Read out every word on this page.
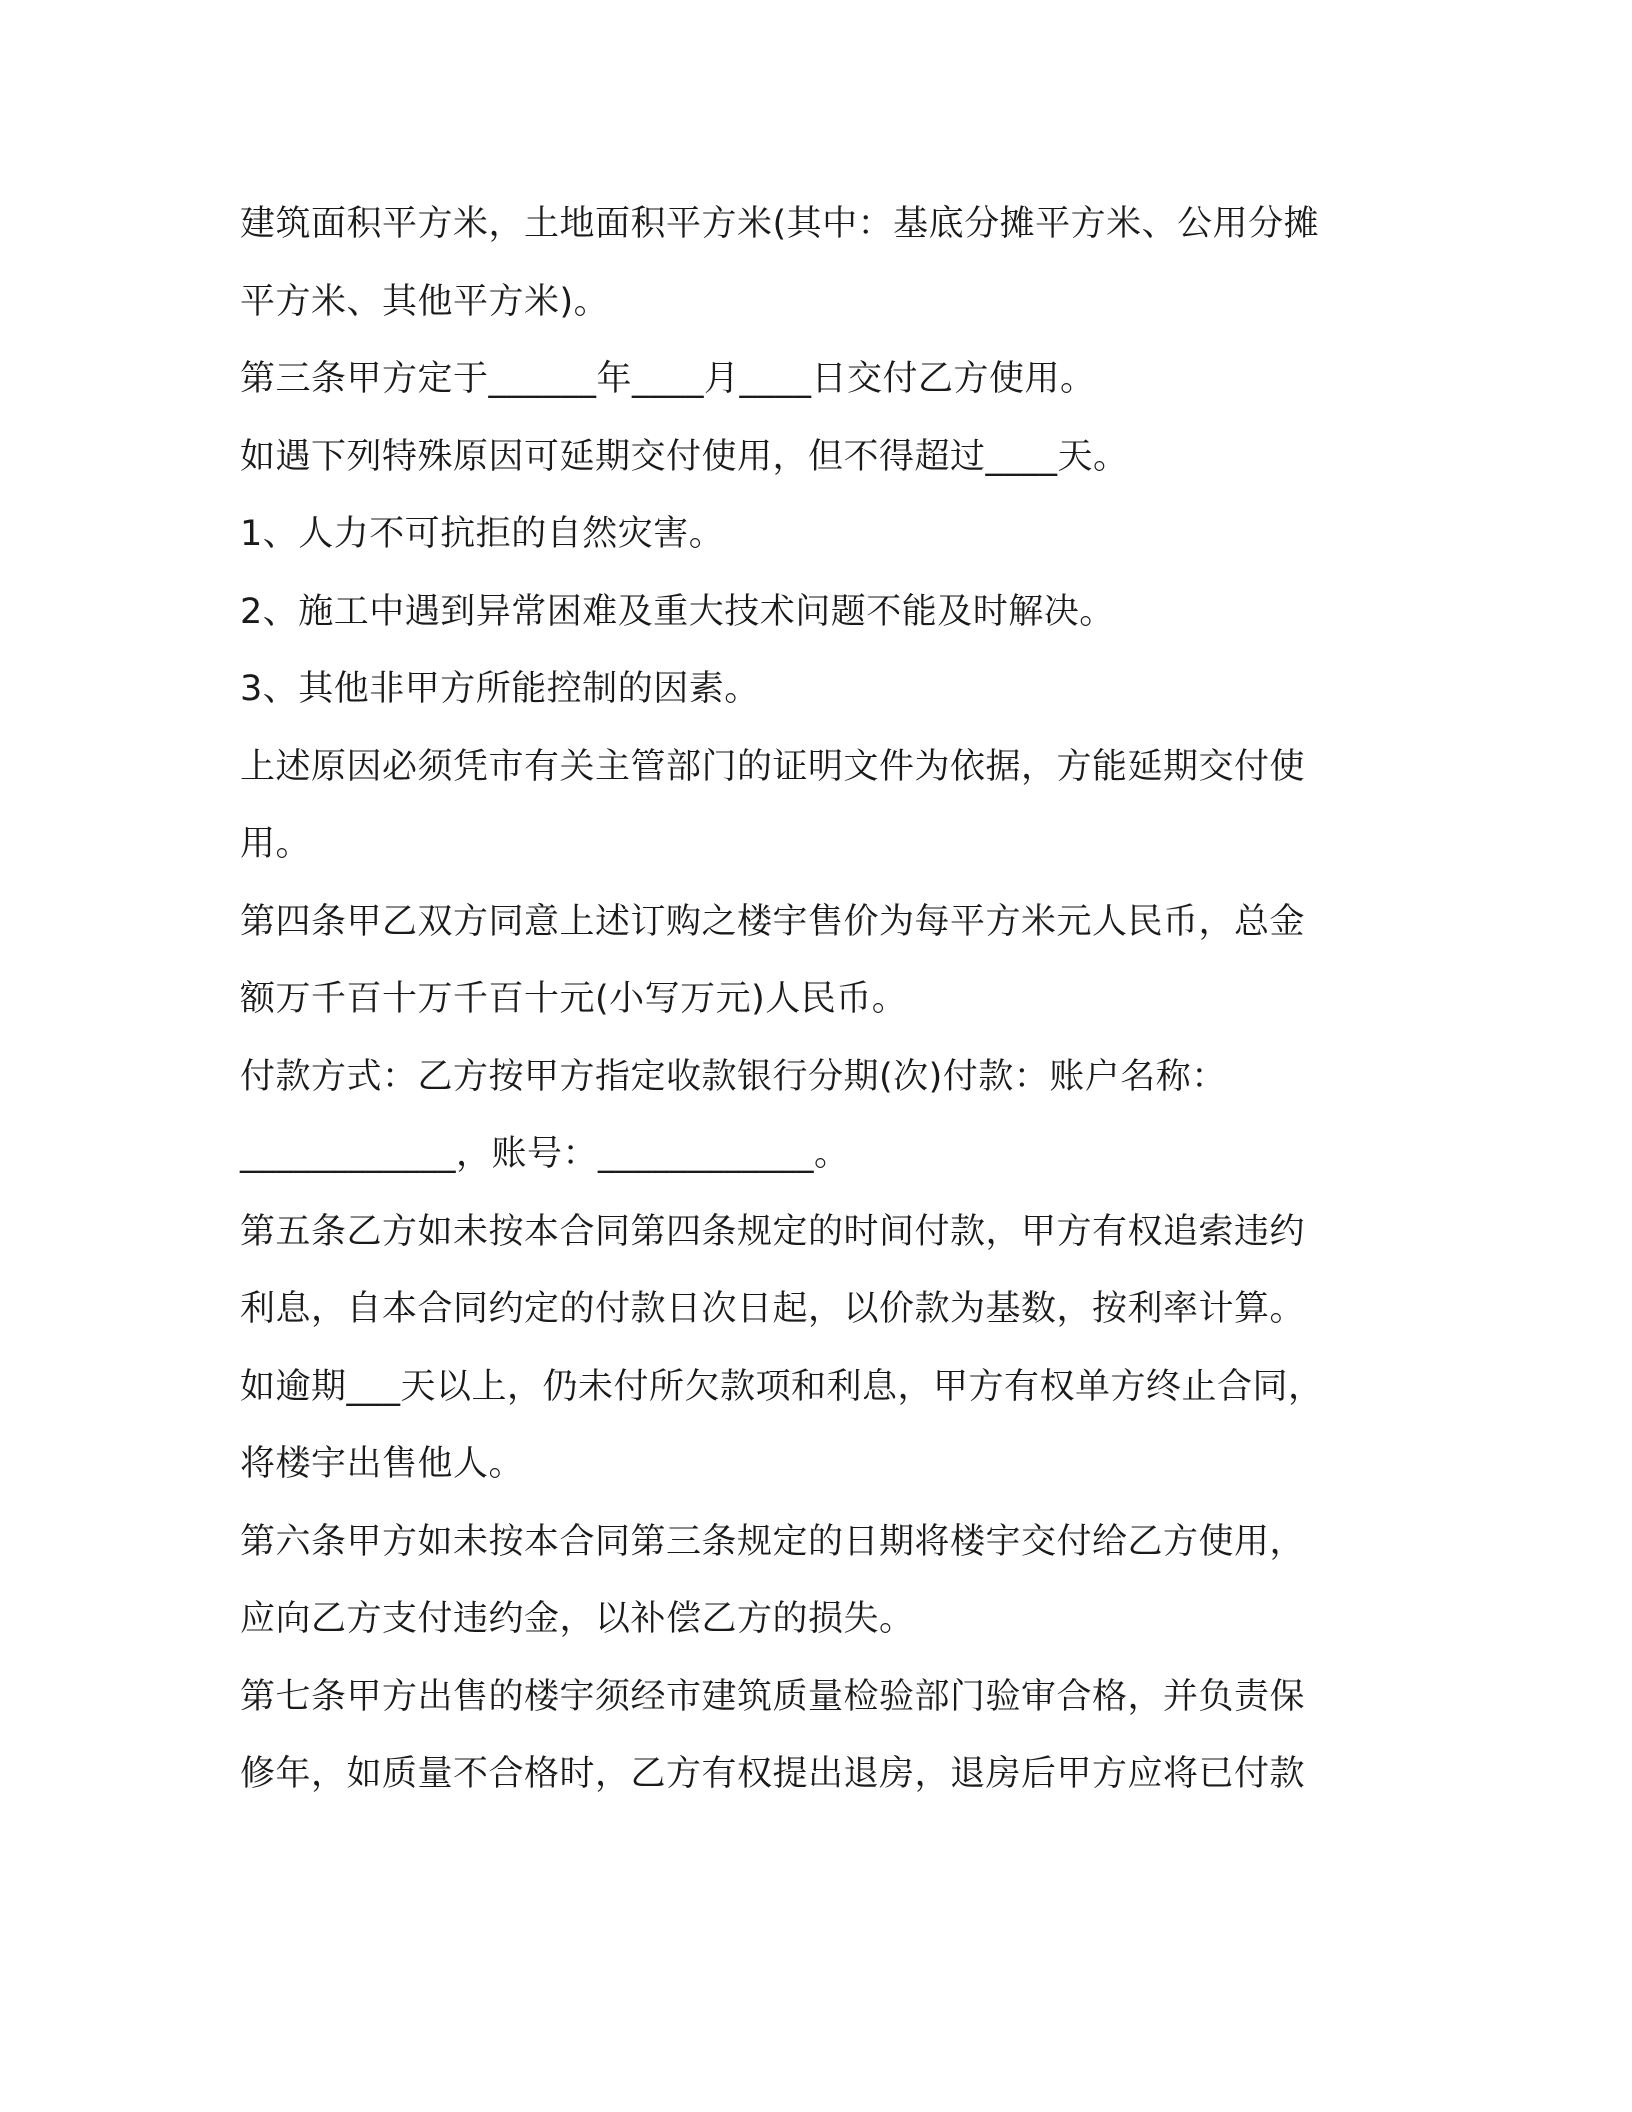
建筑面积平方米，土地面积平方米(其中：基底分摊平方米、公用分摊
平方米、其他平方米)。
第三条甲方定于______年____月____日交付乙方使用。
如遇下列特殊原因可延期交付使用，但不得超过____天。
1、人力不可抗拒的自然灾害。
2、施工中遇到异常困难及重大技术问题不能及时解决。
3、其他非甲方所能控制的因素。
上述原因必须凭市有关主管部门的证明文件为依据，方能延期交付使
用。
第四条甲乙双方同意上述订购之楼宇售价为每平方米元人民币，总金
额万千百十万千百十元(小写万元)人民币。
付款方式：乙方按甲方指定收款银行分期(次)付款：账户名称：
____________，账号：____________。
第五条乙方如未按本合同第四条规定的时间付款，甲方有权追索违约
利息，自本合同约定的付款日次日起，以价款为基数，按利率计算。
如逾期___天以上，仍未付所欠款项和利息，甲方有权单方终止合同，
将楼宇出售他人。
第六条甲方如未按本合同第三条规定的日期将楼宇交付给乙方使用，
应向乙方支付违约金，以补偿乙方的损失。
第七条甲方出售的楼宇须经市建筑质量检验部门验审合格，并负责保
修年，如质量不合格时，乙方有权提出退房，退房后甲方应将已付款
